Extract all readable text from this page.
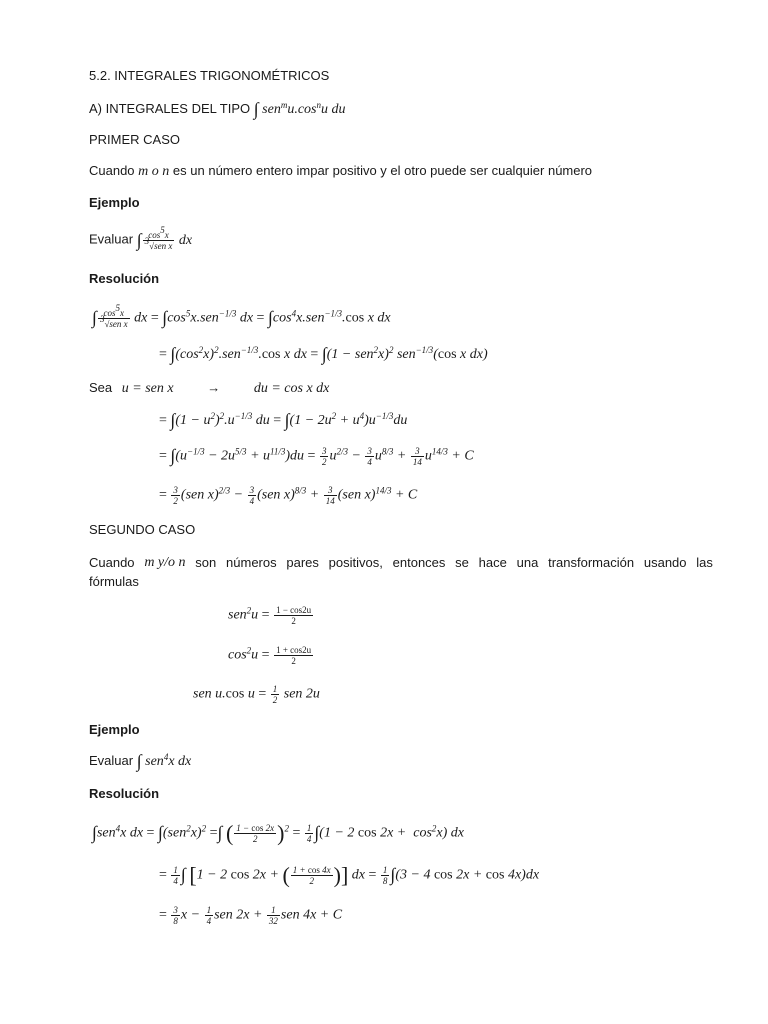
5.2. INTEGRALES TRIGONOMÉTRICOS
A) INTEGRALES DEL TIPO ∫ $sen^mu.\cos^nu$ du
PRIMER CASO
Cuando m o n es un número entero impar positivo y el otro puede ser cualquier número
Ejemplo
Evaluar ∫ $\frac{\cos^5x}{^3√sen x}$ dx
Resolución
∫ $\frac{\cos^5x}{^3√sen x}$ dx = $\int\cos^5x.sen^{-1/3}$ dx = $\int\cos^4x.sen^{-1/3}.\cos$ x dx
= $\int(\cos^2x)^2.sen^{-1/3}.\cos$ x dx = $\int(1 - sen^2x)^2$ sen$^{-1/3}$(cos x dx)
Sea u = sen x	→ du = cos x dx
= $\int(1 - u^2)^2.u^{-1/3}$ du = $\int(1 - 2u^2 + u^4)u^{-1/3}du$
= $\int(u^{-1/3} - 2u^{5/3} + u^{11/3})du = \frac{3}{2} u^{2/3} - \frac{3}{4} u^{8/3} + \frac{3}{14} u^{14/3} + C$
= $\frac{3}{2} (sen$ $x)^{2/3} - \frac{3}{4} (sen$ $x)^{8/3} + \frac{3}{14} (sen$ x)$^{14/3}$ + C
SEGUNDO CASO
Cuando m y/o n son números pares positivos, entonces se hace una transformación usando las
fórmulas
$sen^2u = \frac{1 - \cos 2u}{2}$
$\cos^2u = \frac{1 + \cos 2u}{2}$
sen u.cos $u = \frac{1}{2}$ sen 2u
Ejemplo
Evaluar ∫ sen$^4$x dx
Resolución
∫sen$^4$x dx = $\int(sen^2x)^2$ =∫ ( $\frac{1 - \cos 2x}{2} )^2 = \frac{1}{4} \int(1 - 2$ $\cos 2x + \cos^2x$) dx
= $\frac{1}{4}$ ∫ [1 − 2 cos 2x + ( $\frac{1 + \cos 4x}{2}$ )] dx = $\frac{1}{8} \int(3 - 4$ cos 2x + cos 4x)dx
= $\frac{3}{8}$ $x - \frac{1}{4}$ sen $2x + \frac{1}{32}$ sen 4x + C
